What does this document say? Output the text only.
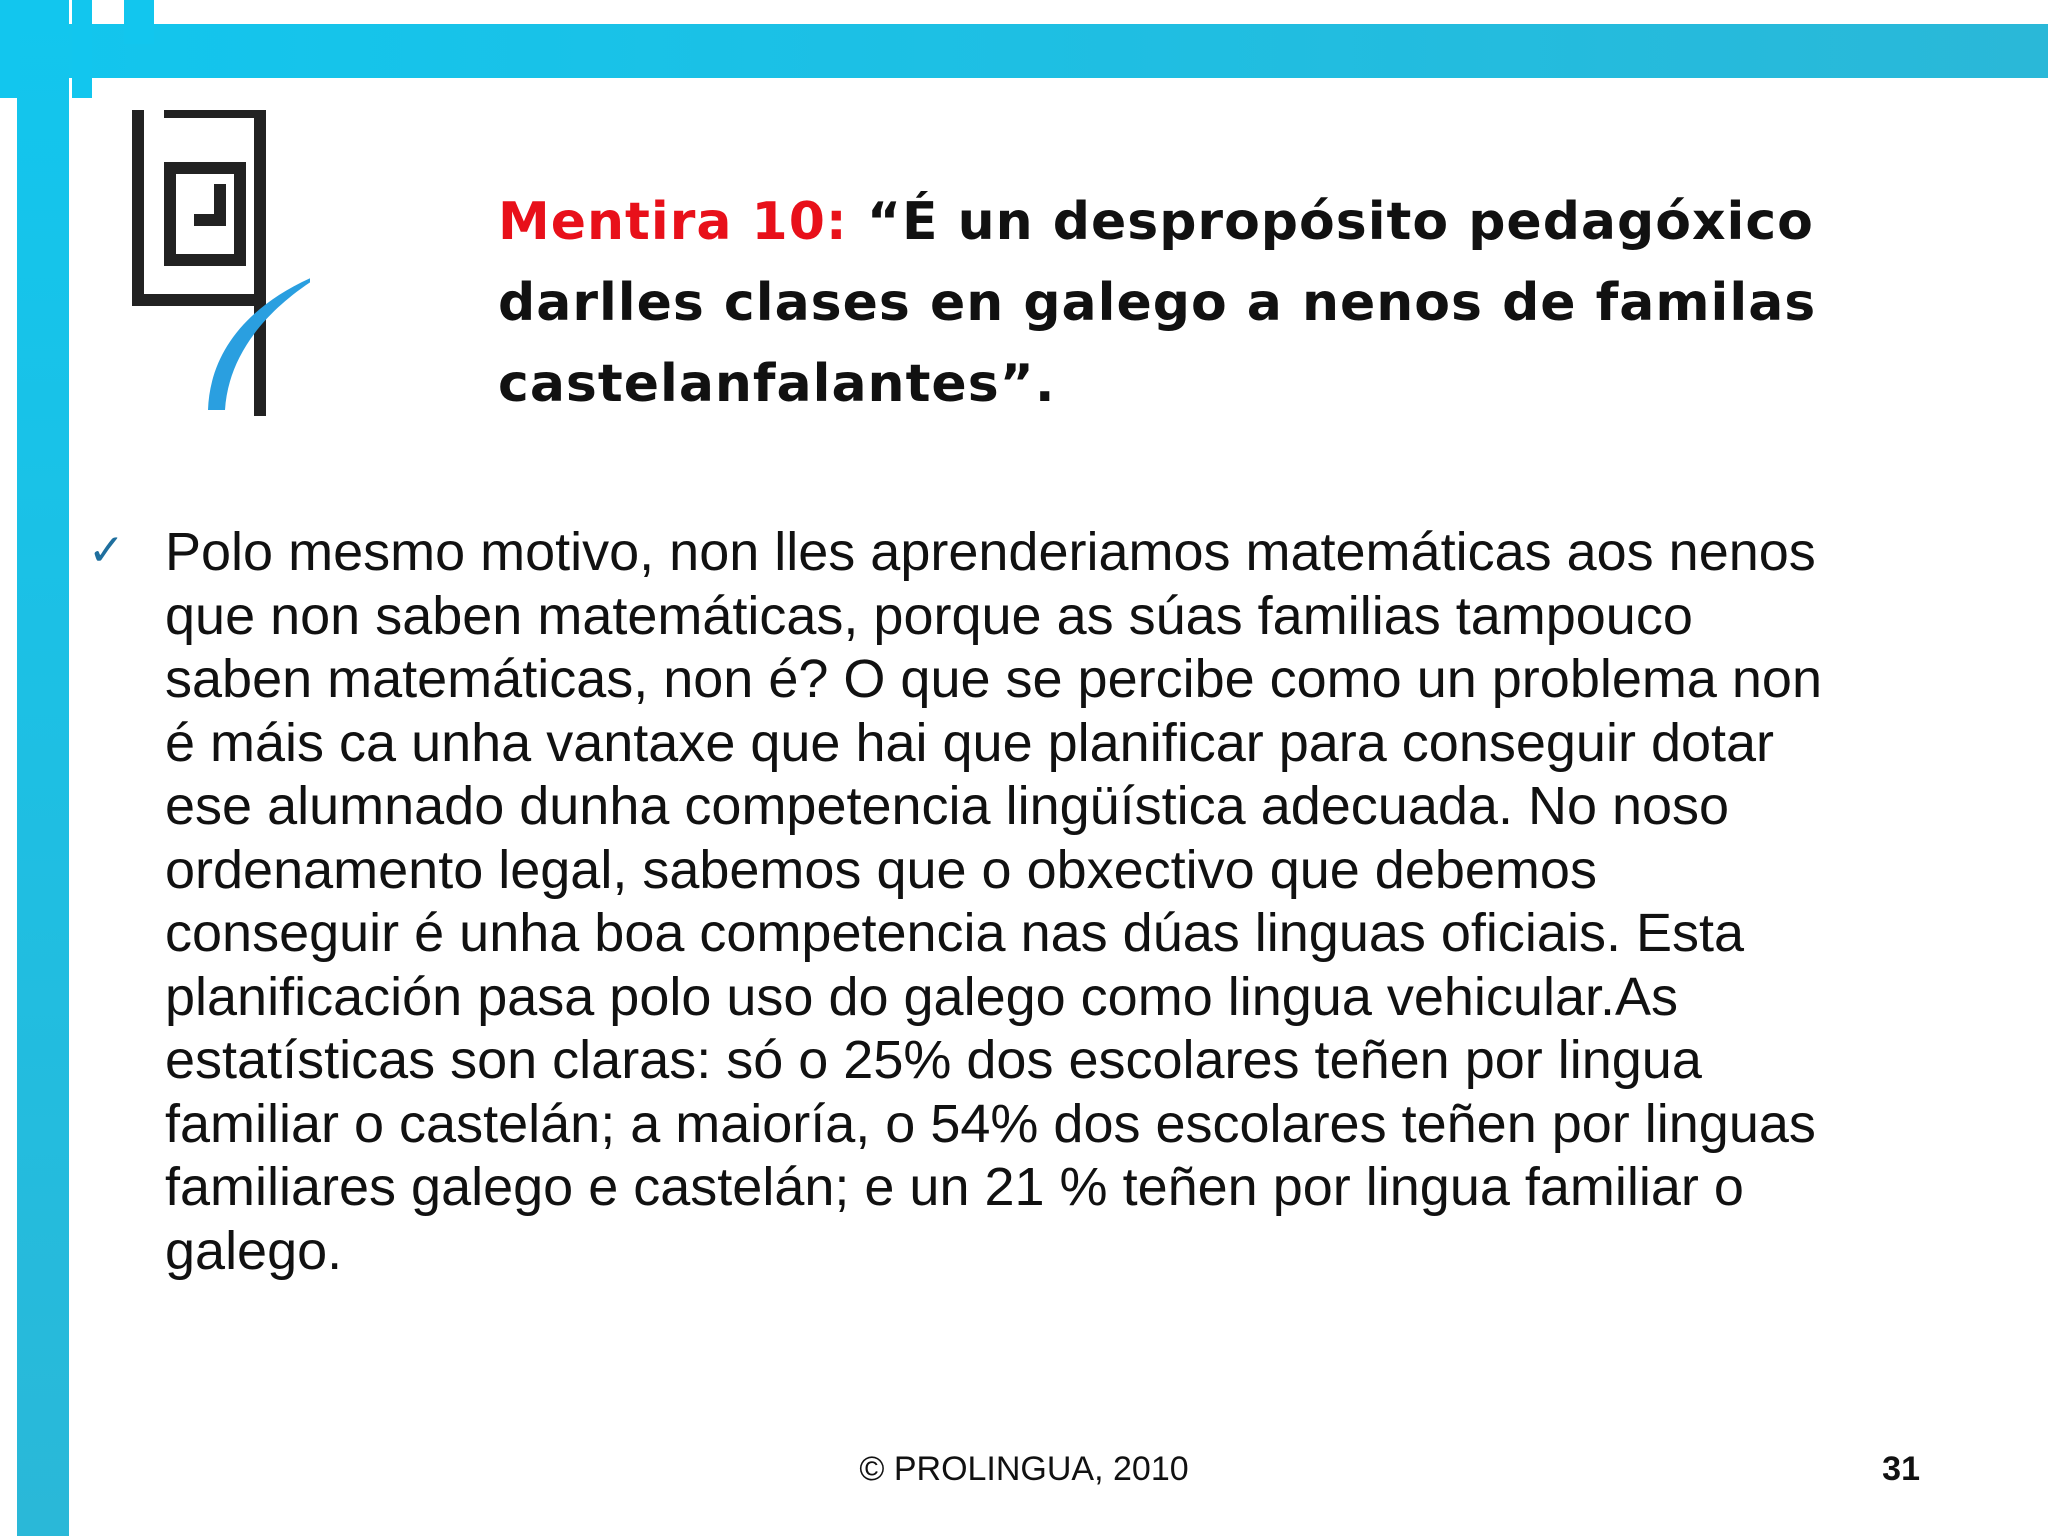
Mentira 10: “É un despropósito pedagóxico darlles clases en galego a nenos de familas castelanfalantes”.
✓ Polo mesmo motivo, non lles aprenderiamos matemáticas aos nenos
que non saben matemáticas, porque as súas familias tampouco
saben matemáticas, non é? O que se percibe como un problema non
é máis ca unha vantaxe que hai que planificar para conseguir dotar
ese alumnado dunha competencia lingüística adecuada. No noso
ordenamento legal, sabemos que o obxectivo que debemos
conseguir é unha boa competencia nas dúas linguas oficiais. Esta
planificación pasa polo uso do galego como lingua vehicular.As
estatísticas son claras: só o 25% dos escolares teñen por lingua
familiar o castelán; a maioría, o 54% dos escolares teñen por linguas
familiares galego e castelán; e un 21 % teñen por lingua familiar o
galego.
© PROLINGUA, 2010	31
